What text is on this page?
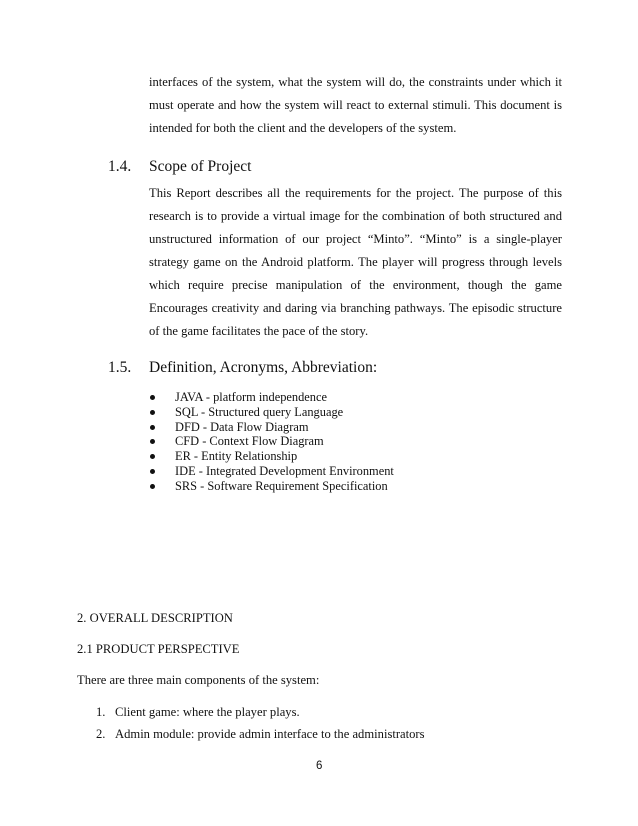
interfaces of the system, what the system will do, the constraints under which it
must operate and how the system will react to external stimuli. This document is
intended for both the client and the developers of the system.
1.4. Scope of Project
This Report describes all the requirements for the project. The purpose of this
research is to provide a virtual image for the combination of both structured and
unstructured information of our project “Minto”. “Minto” is a single-player
strategy game on the Android platform. The player will progress through levels
which require precise manipulation of the environment, though the game
Encourages creativity and daring via branching pathways. The episodic structure
of the game facilitates the pace of the story.
1.5. Definition, Acronyms, Abbreviation:
JAVA - platform independence
SQL - Structured query Language
DFD - Data Flow Diagram
CFD - Context Flow Diagram
ER - Entity Relationship
IDE - Integrated Development Environment
SRS - Software Requirement Specification
2. OVERALL DESCRIPTION
2.1 PRODUCT PERSPECTIVE
There are three main components of the system:
1. Client game: where the player plays.
2. Admin module: provide admin interface to the administrators
6
